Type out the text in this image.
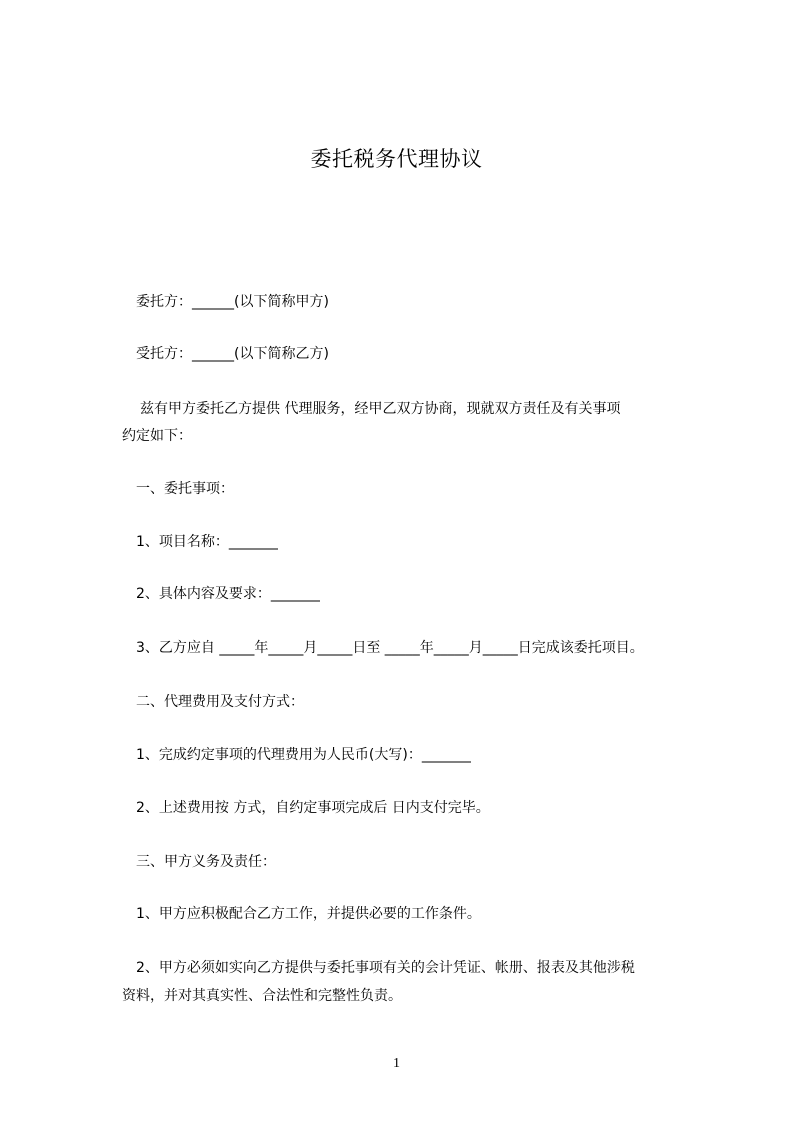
委托税务代理协议
委托方：______(以下简称甲方)
受托方：______(以下简称乙方)
兹有甲方委托乙方提供 代理服务，经甲乙双方协商，现就双方责任及有关事项
约定如下：
一、委托事项：
1、项目名称：_______
2、具体内容及要求：_______
3、乙方应自 _____年_____月_____日至 _____年_____月_____日完成该委托项目。
二、代理费用及支付方式：
1、完成约定事项的代理费用为人民币(大写)：_______
2、上述费用按 方式，自约定事项完成后 日内支付完毕。
三、甲方义务及责任：
1、甲方应积极配合乙方工作，并提供必要的工作条件。
2、甲方必须如实向乙方提供与委托事项有关的会计凭证、帐册、报表及其他涉税
资料，并对其真实性、合法性和完整性负责。
1
